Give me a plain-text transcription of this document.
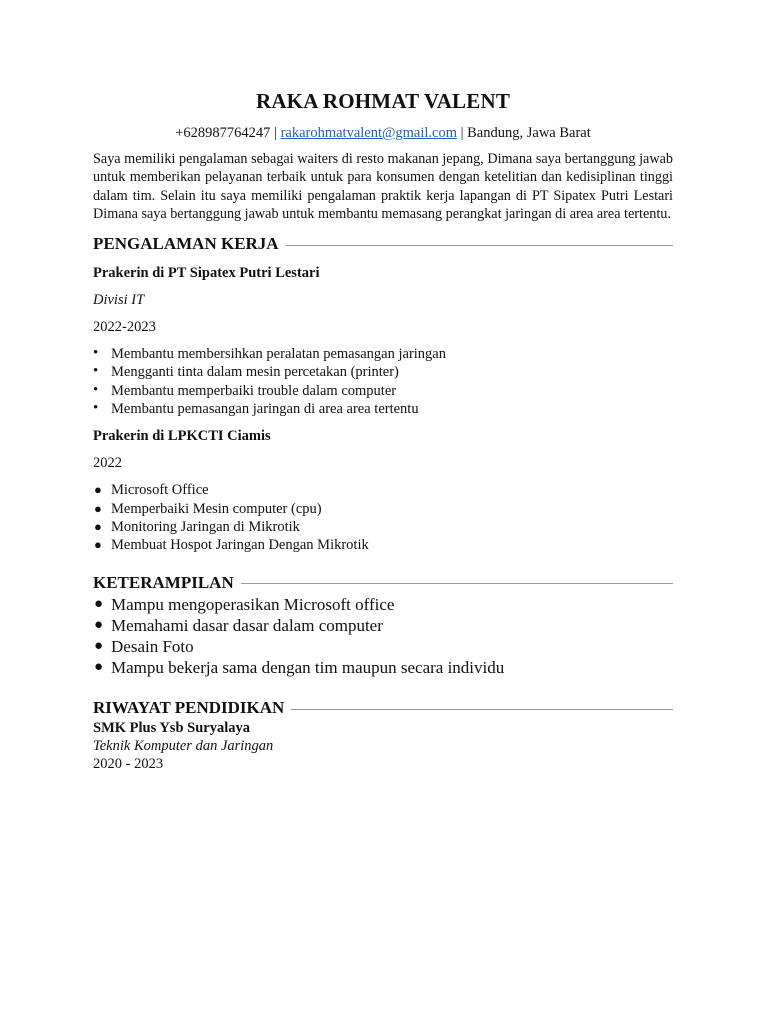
RAKA ROHMAT VALENT
+628987764247 | rakarohmatvalent@gmail.com | Bandung, Jawa Barat
Saya memiliki pengalaman sebagai waiters di resto makanan jepang, Dimana saya bertanggung jawab untuk memberikan pelayanan terbaik untuk para konsumen dengan ketelitian dan kedisiplinan tinggi dalam tim. Selain itu saya memiliki pengalaman praktik kerja lapangan di PT Sipatex Putri Lestari Dimana saya bertanggung jawab untuk membantu memasang perangkat jaringan di area area tertentu.
PENGALAMAN KERJA

Prakerin di PT Sipatex Putri Lestari

Divisi IT

2022-2023

• Membantu membersihkan peralatan pemasangan jaringan
• Mengganti tinta dalam mesin percetakan (printer)
• Membantu memperbaiki trouble dalam computer
• Membantu pemasangan jaringan di area area tertentu

Prakerin di LPKCTI Ciamis

2022

● Microsoft Office
● Memperbaiki Mesin computer (cpu)
● Monitoring Jaringan di Mikrotik
● Membuat Hospot Jaringan Dengan Mikrotik
KETERAMPILAN
● Mampu mengoperasikan Microsoft office
● Memahami dasar dasar dalam computer
● Desain Foto
● Mampu bekerja sama dengan tim maupun secara individu
RIWAYAT PENDIDIKAN

SMK Plus Ysb Suryalaya

Teknik Komputer dan Jaringan

2020 - 2023
